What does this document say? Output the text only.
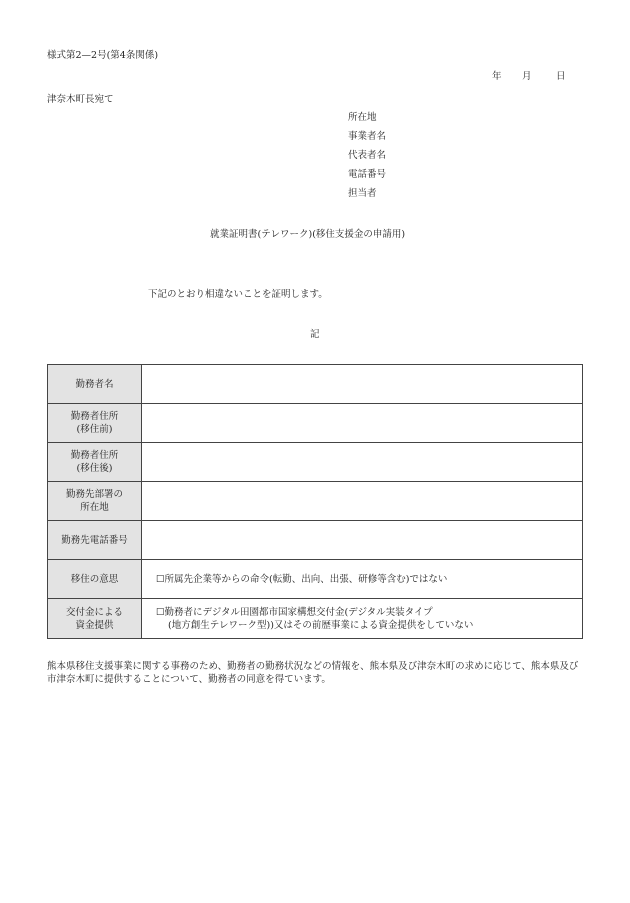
様式第2—2号(第4条関係)
年 月	日
津奈木町長宛て
所在地
事業者名
代表者名
電話番号
担当者
就業証明書(テレワーク)(移住支援金の申請用)
下記のとおり相違ないことを証明します。
記
勤務者名	

勤務者住所
(移住前)	

勤務者住所
(移住後)	

勤務先部署の
所在地	

勤務先電話番号	

移住の意思	☐所属先企業等からの命令(転勤、出向、出張、研修等含む)ではない

交付金による
資金提供	☐勤務者にデジタル田園都市国家構想交付金(デジタル実装タイプ
(地方創生テレワーク型))又はその前歴事業による資金提供をしていない
熊本県移住支援事業に関する事務のため、勤務者の勤務状況などの情報を、熊本県及び津奈木町の求めに応じて、熊本県及び市津奈木町に提供することについて、勤務者の同意を得ています。
